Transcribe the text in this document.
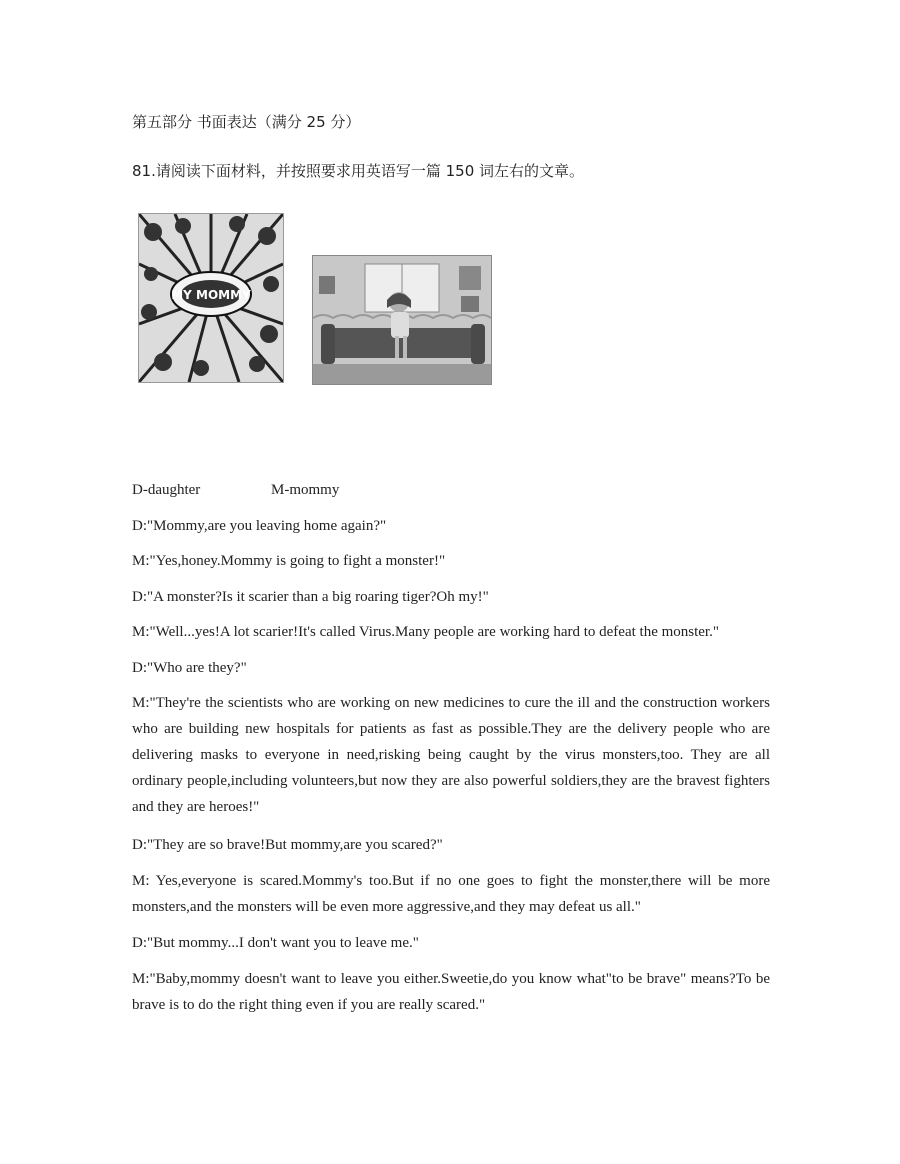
第五部分 书面表达（满分 25 分）
81.请阅读下面材料，并按照要求用英语写一篇 150 词左右的文章。
MY MOMMY
D-daughter	M-mommy
D:"Mommy,are you leaving home again?"
M:"Yes,honey.Mommy is going to fight a monster!"
D:"A monster?Is it scarier than a big roaring tiger?Oh my!"
M:"Well...yes!A lot scarier!It's called Virus.Many people are working hard to defeat the monster."
D:"Who are they?"
M:"They're the scientists who are working on new medicines to cure the ill and the construction workers who are building new hospitals for patients as fast as possible.They are the delivery people who are delivering masks to everyone in need,risking being caught by the virus monsters,too. They are all ordinary people,including volunteers,but now they are also powerful soldiers,they are the bravest fighters and they are heroes!"
D:"They are so brave!But mommy,are you scared?"
M: Yes,everyone is scared.Mommy's too.But if no one goes to fight the monster,there will be more monsters,and the monsters will be even more aggressive,and they may defeat us all."
D:"But mommy...I don't want you to leave me."
M:"Baby,mommy doesn't want to leave you either.Sweetie,do you know what"to be brave" means?To be brave is to do the right thing even if you are really scared."
